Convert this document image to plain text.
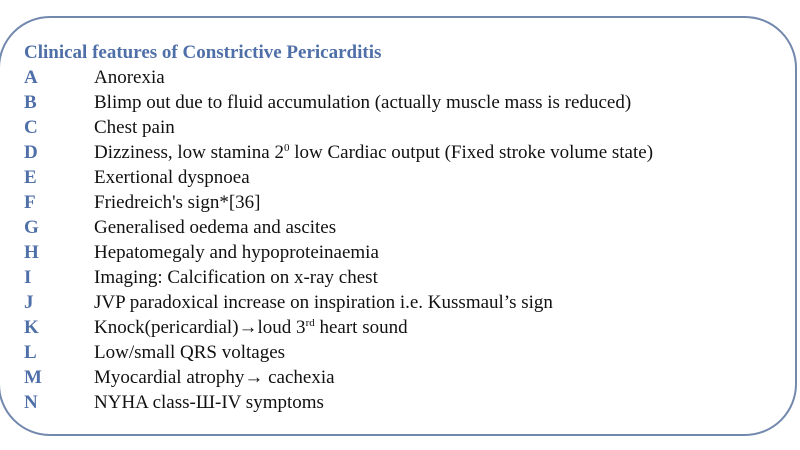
Clinical features of Constrictive Pericarditis
A	Anorexia
B	Blimp out due to fluid accumulation (actually muscle mass is reduced)
C	Chest pain
D	Dizziness, low stamina $2^0$ low Cardiac output (Fixed stroke volume state)
E	Exertional dyspnoea
F	Friedreich's sign*[36]
G	Generalised oedema and ascites
H	Hepatomegaly and hypoproteinaemia
I	Imaging: Calcification on x-ray chest
J	JVP paradoxical increase on inspiration i.e. Kussmaul’s sign
K	Knock(pericardial)→loud 3rd heart sound
L	Low/small QRS voltages
M	Myocardial atrophy→ cachexia
N	NYHA class-Ш-IV symptoms
